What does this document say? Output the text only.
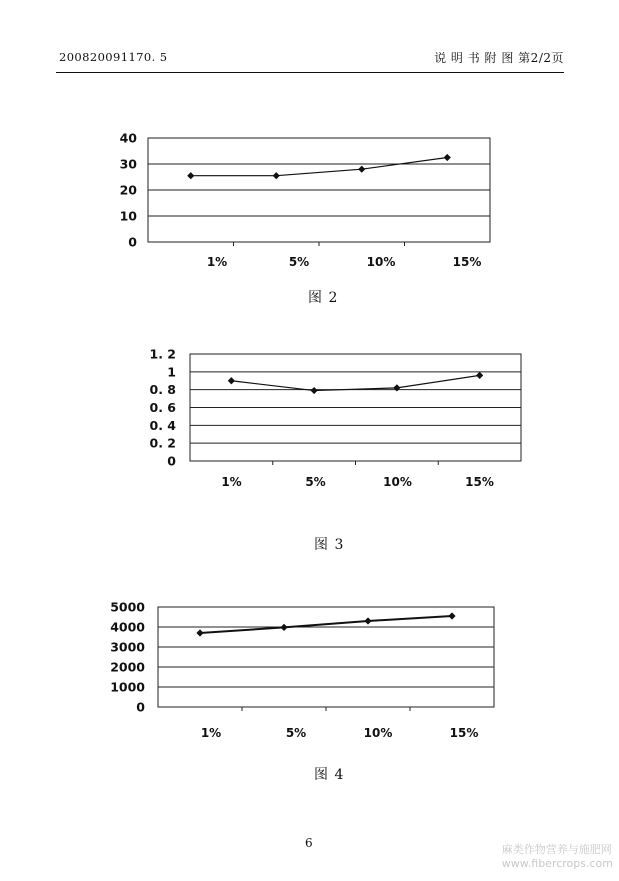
200820091170. 5	说 明 书 附 图 第2/2页
0
10
20
30
40
1%	5%	10%	15%
图 2
0
0. 2
0. 4
0. 6
0. 8
1
1. 2
1%	5%	10%	15%
图 3
0
1000
2000
3000
4000
5000
1%	5%	10%	15%
图 4
6	麻类作物营养与施肥网
www.fibercrops.com
